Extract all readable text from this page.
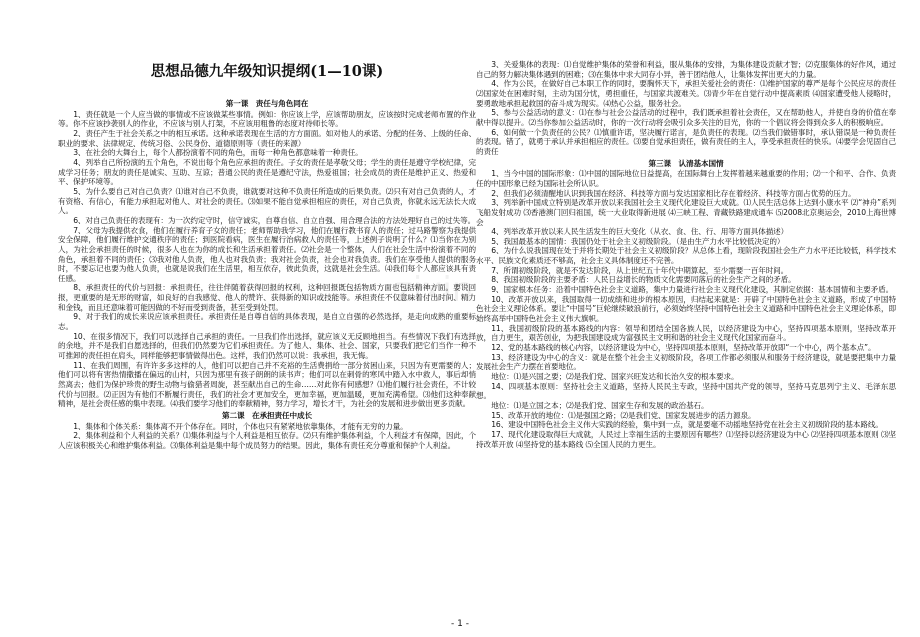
zixin
思想品德九年级知识提纲(1—10课)

第一课　责任与角色同在

1、责任就是一个人应当做的事情或不应该做某些事情。例如：你应该上学，应该帮助朋友，应该按时完成老师布置的作业等。你不应该抄袭别人的作业，不应该与别人打架，不应该用粗鲁的态度对待师长等。

2、责任产生于社会关系之中的相互承诺。这种承诺表现在生活的方方面面。如对他人的承诺、分配的任务、上级的任命、职业的要求、法律规定、传统习俗、公民身份、道德原则等（责任的来源）

3、在社会的大舞台上，每个人都扮演着不同的角色，而每一种角色都意味着一种责任。

4、列举自己所扮演的五个角色，不说出每个角色应承担的责任。子女的责任是孝敬父母；学生的责任是遵守学校纪律，完成学习任务；朋友的责任是诚实、互助、互谅；普通公民的责任是遵纪守法，热爱祖国；社会成员的责任是维护正义、热爱和平、保护环境等。

5、为什么要自己对自己负责？⑴谁对自己不负责，谁就要对这种不负责任所造成的后果负责。⑵只有对自己负责的人，才有资格、有信心，有能力承担起对他人、对社会的责任。⑶如果不能自觉承担相应的责任，对自己负责，你就永远无法长大成人。

6、对自己负责任的表现有：为一次约定守时，信守诚实，自尊自信、自立自强、用合理合法的方法处理好自己的过失等。

7、父母为我提供衣食，他们在履行养育子女的责任；老师帮助我学习，他们在履行教书育人的责任；过马路警察为我提供安全保障，他们履行维护交通秩序的责任；到医院看病，医生在履行治病救人的责任等，上述例子说明了什么？⑴当你在为别人，为社会承担责任的时候，很多人也在为你的成长和生活承担着责任。⑵社会是一个整体，人们在社会生活中扮演着不同的角色，承担着不同的责任；⑶我对他人负责，他人也对我负责；我对社会负责，社会也对我负责。我们在享受他人提供的服务时，不要忘记也要为他人负责，也就是说我们在生活里，相互依存，彼此负责，这就是社会生活。⑷我们每个人都应该具有责任感。

8、承担责任的代价与回报：承担责任，往往伴随着获得回报的权利，这种回报既包括物质方面也包括精神方面。要说回报，更重要的是无形的财富，如良好的自我感觉、他人的赞许、获得新的知识或技能等。承担责任不仅意味着付出时间、精力和金钱，而且还意味着可能因做的不好而受到责备，甚至受到处罚。

9、对于我们的成长来说应该承担责任。承担责任是自尊自信的具体表现，是自立自强的必然选择，是走向成熟的重要标志。

10、在很多情况下，我们可以选择自己承担的责任。一旦我们作出选择，就应该义无反顾地担当。有些情况下我们有选择的余地，并不是我们自愿选择的，但我们仍然要为它们承担责任。为了他人、集体、社会、国家，只要我们把它们当作一种不可推卸的责任担在肩头，同样能够把事情做得出色。这样，我们仍然可以说：我承担，我无悔。

11、在我们周围，有许许多多这样的人，他们可以把自己并不充裕的生活费捐给一部分贫困山来，只因为有更需要的人；他们可以将有害热情撒播在偏远的山村，只因为那里有孩子朗朗的读书声；他们可以在刺骨的寒风中踏入水中救人，事后却悄然离去；他们为保护珍贵的野生动物与偷猎者周旋，甚至献出自己的生命……对此你有何感想？⑴他们履行社会责任，不计较代价与回报。⑵正因为有他们不断履行责任，我们的社会才更加安全，更加幸福，更加温暖，更加充满希望。⑶他们这种奉献精神，是社会责任感的集中表现。⑷我们要学习他们的奉献精神，努力学习，增长才干，为社会的发展和进步做出更多贡献。

第二课　在承担责任中成长

1、集体和个体关系：集体离不开个体存在。同时，个体也只有紧紧地依靠集体，才能有无穷的力量。

2、集体利益和个人利益的关系？⑴集体利益与个人利益是相互依存。⑵只有维护集体利益，个人利益才有保障，因此，个人应该积极关心和维护集体利益。⑶集体利益是集中每个成员努力的结果。因此，集体有责任充分尊重和保护个人利益。

3、关爱集体的表现：⑴自觉维护集体的荣誉和利益，服从集体的安排，为集体建设贡献才智；⑵克服集体的好作风，通过自己的努力解决集体遇到的困难；⑶在集体中求大同存小异，善于团结他人，让集体发挥出更大的力量。

4、作为公民，在做好自己本职工作的同时，要胸怀天下，承担关爱社会的责任：⑴维护国家的尊严是每个公民应尽的责任 ⑵国家处在困难时刻，主动为国分忧，勇担重任，与国家共渡难关。⑶青少年在自觉行动中提高素质 ⑷国家遭受他人侵略时，要勇敢地承担起救国的奋斗成为现实。⑷热心公益，服务社会。

5、参与公益活动的意义：⑴在参与社会公益活动的过程中，我们既承担着社会责任，又在帮助他人，并使自身的价值在奉献中得以提升。⑵当你参加公益活动时，你的一次行动将会吸引众多关注的目光，你的一个倡议将会得到众多人的积极响应。

6、如何做一个负责任的公民？⑴慎重许诺，坚决履行诺言，是负责任的表现。⑵当我们做错事时，承认错误是一种负责任的表现。错了，就勇于承认并承担相应的责任。⑶要自觉承担责任，做有责任的主人，享受承担责任的快乐。⑷要学会见固自己的责任

第三课　认清基本国情

1、当今中国的国际形象：⑴中国的国际地位日益提高，在国际舞台上发挥着越来越重要的作用；⑵一个和平、合作、负责任的中国形象已经为国际社会所认识。

2、但我们必须清醒地认识到我国在经济、科技等方面与发达国家相比存在着经济、科技等方面占优势的压力。

3、列举新中国成立特别是改革开放以来我国社会主义现代化建设巨大成就。⑴人民生活总体上达到小康水平 ⑵“神舟”系列飞船发射成功 ⑶香港澳门回归祖国，统一大业取得新进展 ⑷三峡工程、青藏铁路建成通车 ⑸2008北京奥运会，2010上海世博会

4、列举改革开放以来人民生活发生的巨大变化（从衣、食、住、行、用等方面具体描述）

5、我国最基本的国情：我国仍处于社会主义初级阶段。（是由生产力水平比较低决定的）

6、为什么说我国现在处于并将长期处于社会主义初级阶段？从总体上看，现阶段我国社会生产力水平还比较低，科学技术水平、民族文化素质还不够高，社会主义具体制度还不完善。

7、所谓初级阶段，就是不发达阶段，从上世纪五十年代中期算起，至少需要一百年时间。

8、我国初级阶段的主要矛盾：人民日益增长的物质文化需要同落后的社会生产之间的矛盾。

9、国家根本任务：沿着中国特色社会主义道路，集中力量进行社会主义现代化建设，其制定依据：基本国情和主要矛盾。

10、改革开放以来，我国取得一切成绩和进步的根本原因，归结起来就是：开辟了中国特色社会主义道路，形成了中国特色社会主义理论体系。要让“中国号”巨轮继续破浪前行，必须始终坚持中国特色社会主义道路和中国特色社会主义理论体系，即始终高举中国特色社会主义伟大旗帜。

11、我国初级阶段的基本路线的内容：领导和团结全国各族人民，以经济建设为中心，坚持四项基本原则，坚持改革开放，自力更生，艰苦创业，为把我国建设成为富强民主文明和谐的社会主义现代化国家而奋斗。

12、党的基本路线的核心内容，以经济建设为中心，坚持四项基本原则，坚持改革开放即“一个中心，两个基本点”。

13、经济建设为中心的含义：就是在整个社会主义初级阶段，各项工作都必须服从和服务于经济建设，就是要把集中力量发展社会生产力摆在首要地位。

地位：⑴是兴国之要；⑵是我们党、国家兴旺发达和长治久安的根本要求。

14、四项基本原则：坚持社会主义道路，坚持人民民主专政，坚持中国共产党的领导，坚持马克思列宁主义、毛泽东思想。

地位：⑴是立国之本；⑵是我们党、国家生存和发展的政治基石。

15、改革开放的地位：⑴是强国之路；⑵是我们党、国家发展进步的活力源泉。

16、建设中国特色社会主义伟大实践的经验，集中到一点，就是要毫不动摇地坚持党在社会主义初级阶段的基本路线。

17、现代化建设取得巨大成就，人民过上幸福生活的主要原因有哪些？⑴坚持以经济建设为中心 ⑵坚持四项基本原则 ⑶坚持改革开放 ⑷坚持党的基本路线 ⑸全国人民的力更生。

- 1 -
